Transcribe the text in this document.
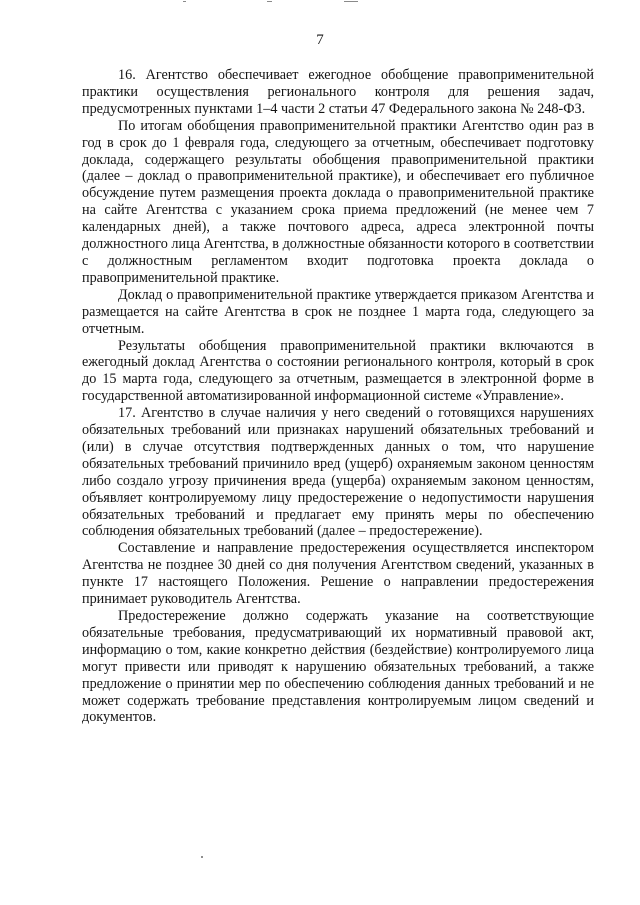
7

16. Агентство обеспечивает ежегодное обобщение правоприменительной практики осуществления регионального контроля для решения задач, предусмотренных пунктами 1–4 части 2 статьи 47 Федерального закона № 248-ФЗ.

По итогам обобщения правоприменительной практики Агентство один раз в год в срок до 1 февраля года, следующего за отчетным, обеспечивает подготовку доклада, содержащего результаты обобщения правоприменительной практики (далее – доклад о правоприменительной практике), и обеспечивает его публичное обсуждение путем размещения проекта доклада о правоприменительной практике на сайте Агентства с указанием срока приема предложений (не менее чем 7 календарных дней), а также почтового адреса, адреса электронной почты должностного лица Агентства, в должностные обязанности которого в соответствии с должностным регламентом входит подготовка проекта доклада о правоприменительной практике.

Доклад о правоприменительной практике утверждается приказом Агентства и размещается на сайте Агентства в срок не позднее 1 марта года, следующего за отчетным.

Результаты обобщения правоприменительной практики включаются в ежегодный доклад Агентства о состоянии регионального контроля, который в срок до 15 марта года, следующего за отчетным, размещается в электронной форме в государственной автоматизированной информационной системе «Управление».

17. Агентство в случае наличия у него сведений о готовящихся нарушениях обязательных требований или признаках нарушений обязательных требований и (или) в случае отсутствия подтвержденных данных о том, что нарушение обязательных требований причинило вред (ущерб) охраняемым законом ценностям либо создало угрозу причинения вреда (ущерба) охраняемым законом ценностям, объявляет контролируемому лицу предостережение о недопустимости нарушения обязательных требований и предлагает ему принять меры по обеспечению соблюдения обязательных требований (далее – предостережение).

Составление и направление предостережения осуществляется инспектором Агентства не позднее 30 дней со дня получения Агентством сведений, указанных в пункте 17 настоящего Положения. Решение о направлении предостережения принимает руководитель Агентства.

Предостережение должно содержать указание на соответствующие обязательные требования, предусматривающий их нормативный правовой акт, информацию о том, какие конкретно действия (бездействие) контролируемого лица могут привести или приводят к нарушению обязательных требований, а также предложение о принятии мер по обеспечению соблюдения данных требований и не может содержать требование представления контролируемым лицом сведений и документов.
